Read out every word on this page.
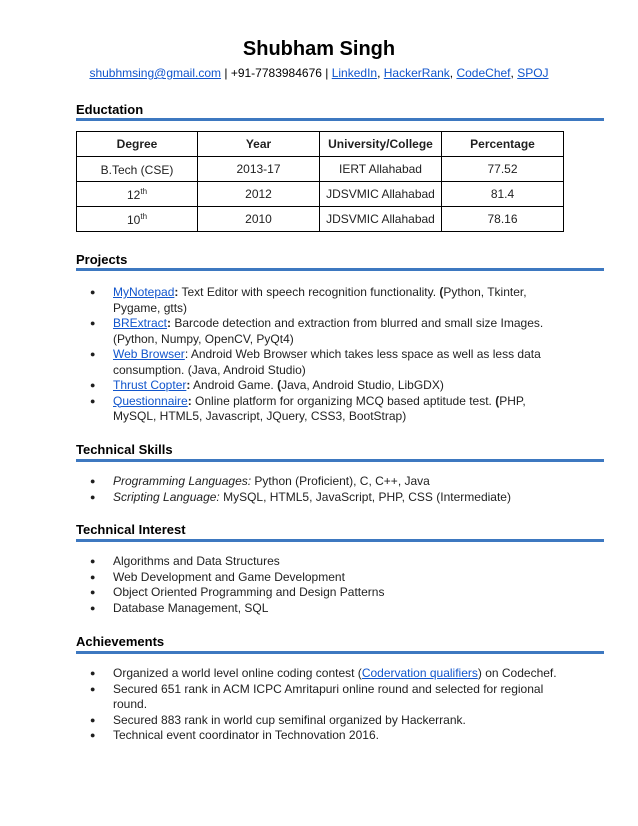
Shubham Singh
shubhmsing@gmail.com | +91-7783984676 | LinkedIn, HackerRank, CodeChef, SPOJ
Eductation
Degree	Year	University/College	Percentage
B.Tech (CSE)	2013-17	IERT Allahabad	77.52
12th	2012	JDSVMIC Allahabad	81.4
10th	2010	JDSVMIC Allahabad	78.16
Projects
● MyNotepad: Text Editor with speech recognition functionality. (Python, Tkinter, Pygame, gtts)
● BRExtract: Barcode detection and extraction from blurred and small size Images. (Python, Numpy, OpenCV, PyQt4)
● Web Browser: Android Web Browser which takes less space as well as less data consumption. (Java, Android Studio)
● Thrust Copter: Android Game. (Java, Android Studio, LibGDX)
● Questionnaire: Online platform for organizing MCQ based aptitude test. (PHP, MySQL, HTML5, Javascript, JQuery, CSS3, BootStrap)
Technical Skills
● Programming Languages: Python (Proficient), C, C++, Java
● Scripting Language: MySQL, HTML5, JavaScript, PHP, CSS (Intermediate)
Technical Interest
● Algorithms and Data Structures
● Web Development and Game Development
● Object Oriented Programming and Design Patterns
● Database Management, SQL
Achievements
● Organized a world level online coding contest (Codervation qualifiers) on Codechef.
● Secured 651 rank in ACM ICPC Amritapuri online round and selected for regional round.
● Secured 883 rank in world cup semifinal organized by Hackerrank.
● Technical event coordinator in Technovation 2016.
